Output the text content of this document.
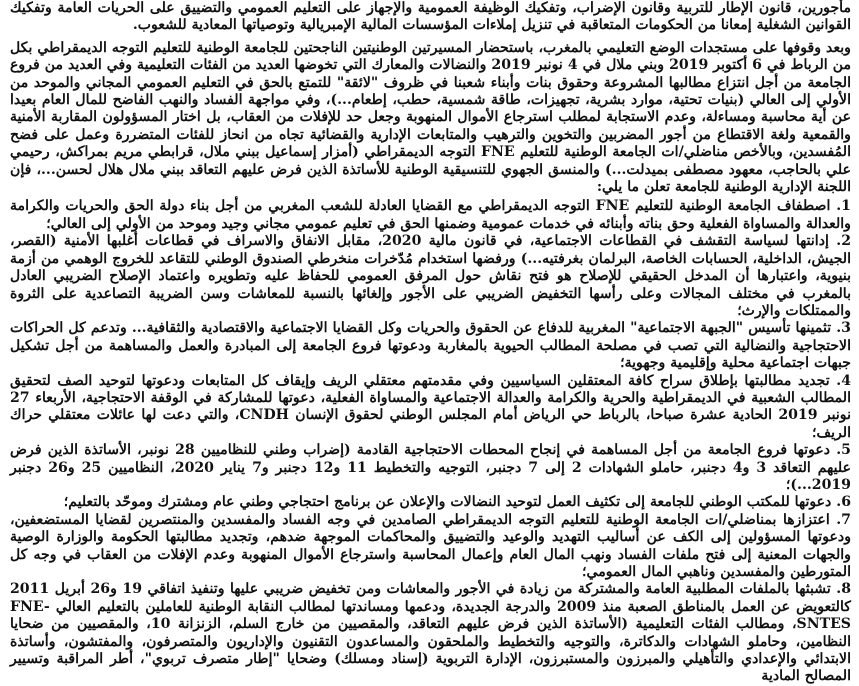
مأجورين، قانون الإطار للتربية وقانون الإضراب، وتفكيك الوظيفة العمومية والإجهاز على التعليم العمومي والتضييق على الحريات العامة وتفكيك القوانين الشغلية إمعانا من الحكومات المتعاقبة في تنزيل إملاءات المؤسسات المالية الإمبريالية وتوصياتها المعادية للشعوب.

وبعد وقوفها على مستجدات الوضع التعليمي بالمغرب، باستحضار المسيرتين الوطنيتين الناجحتين للجامعة الوطنية للتعليم التوجه الديمقراطي بكل من الرباط في 6 أكتوبر 2019 وبني ملال في 4 نونبر 2019 والنضالات والمعارك التي تخوضها العديد من الفئات التعليمية وفي العديد من فروع الجامعة من أجل انتزاع مطالبها المشروعة وحقوق بنات وأبناء شعبنا في ظروف "لائقة" للتمتع بالحق في التعليم العمومي المجاني والموحد من الأولي إلى العالي (بنيات تحتية، موارد بشرية، تجهيزات، طاقة شمسية، حطب، إطعام...)، وفي مواجهة الفساد والنهب الفاضح للمال العام بعيدا عن أية محاسبة ومساءلة، وعدم الاستجابة لمطلب استرجاع الأموال المنهوبة وجعل حد للإفلات من العقاب، بل اختار المسؤولون المقاربة الأمنية والقمعية ولغة الاقتطاع من أجور المضربين والتخوين والترهيب والمتابعات الإدارية والقضائية تجاه من انحاز للفئات المتضررة وعمل على فضح المُفسدين، وبالأخص مناضلي/ات الجامعة الوطنية للتعليم FNE التوجه الديمقراطي (أمزار إسماعيل ببني ملال، قرابطي مريم بمراكش، رحيمي علي بالحاجب، معهود مصطفى بميدلت...) والمنسق الجهوي للتنسيقية الوطنية للأساتذة الذين فرض عليهم التعاقد ببني ملال هلال لحسن...، فإن اللجنة الإدارية الوطنية للجامعة تعلن ما يلي:

1. اصطفاف الجامعة الوطنية للتعليم FNE التوجه الديمقراطي مع القضايا العادلة للشعب المغربي من أجل بناء دولة الحق والحريات والكرامة والعدالة والمساواة الفعلية وحق بناته وأبنائه في خدمات عمومية وضمنها الحق في تعليم عمومي مجاني وجيد وموحد من الأولي إلى العالي؛

2. إدانتها لسياسة التقشف في القطاعات الاجتماعية، في قانون مالية 2020، مقابل الانفاق والاسراف في قطاعات أغلبها الأمنية (القصر، الجيش، الداخلية، الحسابات الخاصة، البرلمان بغرفتيه...) ورفضها استخدام مُدّخرات منخرطي الصندوق الوطني للتقاعد للخروج الوهمي من أزمة بنيوية، واعتبارها أن المدخل الحقيقي للإصلاح هو فتح نقاش حول المرفق العمومي للحفاظ عليه وتطويره واعتماد الإصلاح الضريبي العادل بالمغرب في مختلف المجالات وعلى رأسها التخفيض الضريبي على الأجور وإلغائها بالنسبة للمعاشات وسن الضريبة التصاعدية على الثروة والممتلكات والإرث؛

3. تثمينها تأسيس "الجبهة الاجتماعية" المغربية للدفاع عن الحقوق والحريات وكل القضايا الاجتماعية والاقتصادية والثقافية... وتدعم كل الحراكات الاحتجاجية والنضالية التي تصب في مصلحة المطالب الحيوية بالمغاربة ودعوتها فروع الجامعة إلى المبادرة والعمل والمساهمة من أجل تشكيل جبهات اجتماعية محلية وإقليمية وجهوية؛

4. تجديد مطالبتها بإطلاق سراح كافة المعتقلين السياسيين وفي مقدمتهم معتقلي الريف وإيقاف كل المتابعات ودعوتها لتوحيد الصف لتحقيق المطالب الشعبية في الديمقراطية والحرية والكرامة والعدالة الاجتماعية والمساواة الفعلية، دعوتها للمشاركة في الوقفة الاحتجاجية، الأربعاء 27 نونبر 2019 الحادية عشرة صباحا، بالرباط حي الرياض أمام المجلس الوطني لحقوق الإنسان CNDH، والتي دعت لها عائلات معتقلي حراك الريف؛

5. دعوتها فروع الجامعة من أجل المساهمة في إنجاح المحطات الاحتجاجية القادمة (إضراب وطني للنظاميين 28 نونبر، الأساتذة الذين فرض عليهم التعاقد 3 و4 دجنبر، حاملو الشهادات 2 إلى 7 دجنبر، التوجيه والتخطيط 11 و12 دجنبر و7 يناير 2020، النظاميين 25 و26 دجنبر 2019...)؛

6. دعوتها للمكتب الوطني للجامعة إلى تكثيف العمل لتوحيد النضالات والإعلان عن برنامج احتجاجي وطني عام ومشترك وموحّد بالتعليم؛

7. اعتزازها بمناضلي/ات الجامعة الوطنية للتعليم التوجه الديمقراطي الصامدين في وجه الفساد والمفسدين والمنتصرين لقضايا المستضعفين، ودعوتها المسؤولين إلى الكف عن أساليب التهديد والوعيد والتضييق والمحاكمات الموجهة ضدهم، وتجديد مطالبتها الحكومة والوزارة الوصية والجهات المعنية إلى فتح ملفات الفساد ونهب المال العام وإعمال المحاسبة واسترجاع الأموال المنهوبة وعدم الإفلات من العقاب في وجه كل المتورطين والمفسدين وناهبي المال العمومي؛

8. تشبثها بالملفات المطلبية العامة والمشتركة من زيادة في الأجور والمعاشات ومن تخفيض ضريبي عليها وتنفيذ اتفاقي 19 و26 أبريل 2011 كالتعويض عن العمل بالمناطق الصعبة منذ 2009 والدرجة الجديدة، ودعمها ومساندتها لمطالب النقابة الوطنية للعاملين بالتعليم العالي FNE-SNTES، ومطالب الفئات التعليمية (الأساتذة الذين فرض عليهم التعاقد، والمقصيين من خارج السلم، الزنزانة 10، والمقصيين من ضحايا النظامين، وحاملو الشهادات والدكاترة، والتوجيه والتخطيط والملحقون والمساعدون التقنيون والإداريون والمتصرفون، والمفتشون، وأساتذة الابتدائي والإعدادي والتأهيلي والمبرزون والمستبرزون، الإدارة التربوية (إسناد ومسلك) وضحايا "إطار متصرف تربوي"، أطر المراقبة وتسيير المصالح المادية
